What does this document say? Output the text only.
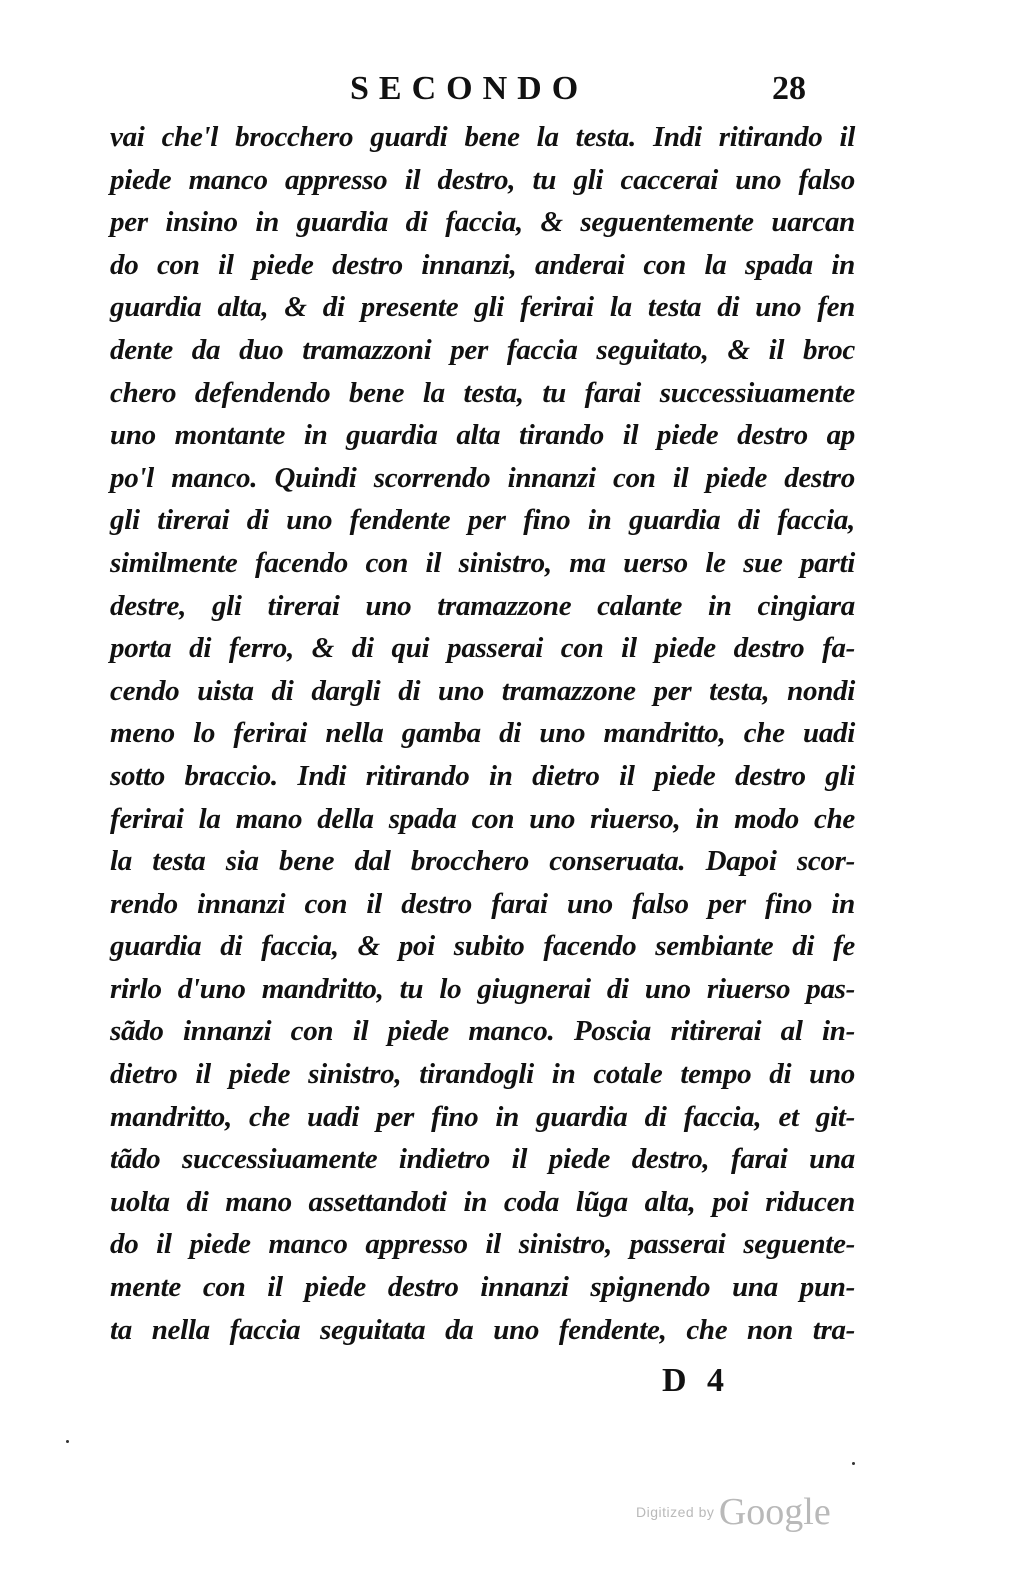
SECONDO	28
vai che'l brocchero guardi bene la testa. Indi ritirando il
piede manco appresso il destro, tu gli caccerai uno falso
per insino in guardia di faccia, & seguentemente uarcan
do con il piede destro innanzi, anderai con la spada in
guardia alta, & di presente gli ferirai la testa di uno fen
dente da duo tramazzoni per faccia seguitato, & il broc
chero defendendo bene la testa, tu farai successiuamente
uno montante in guardia alta tirando il piede destro ap
po'l manco. Quindi scorrendo innanzi con il piede destro
gli tirerai di uno fendente per fino in guardia di faccia,
similmente facendo con il sinistro, ma uerso le sue parti
destre, gli tirerai uno tramazzone calante in cingiara
porta di ferro, & di qui passerai con il piede destro fa-
cendo uista di dargli di uno tramazzone per testa, nondi
meno lo ferirai nella gamba di uno mandritto, che uadi
sotto braccio. Indi ritirando in dietro il piede destro gli
ferirai la mano della spada con uno riuerso, in modo che
la testa sia bene dal brocchero conseruata. Dapoi scor-
rendo innanzi con il destro farai uno falso per fino in
guardia di faccia, & poi subito facendo sembiante di fe
rirlo d'uno mandritto, tu lo giugnerai di uno riuerso pas-
sãdo innanzi con il piede manco. Poscia ritirerai al in-
dietro il piede sinistro, tirandogli in cotale tempo di uno
mandritto, che uadi per fino in guardia di faccia, et git-
tãdo successiuamente indietro il piede destro, farai una
uolta di mano assettandoti in coda lũga alta, poi riducen
do il piede manco appresso il sinistro, passerai seguente-
mente con il piede destro innanzi spignendo una pun-
ta nella faccia seguitata da uno fendente, che non tra-
D 4
Digitized by Google
